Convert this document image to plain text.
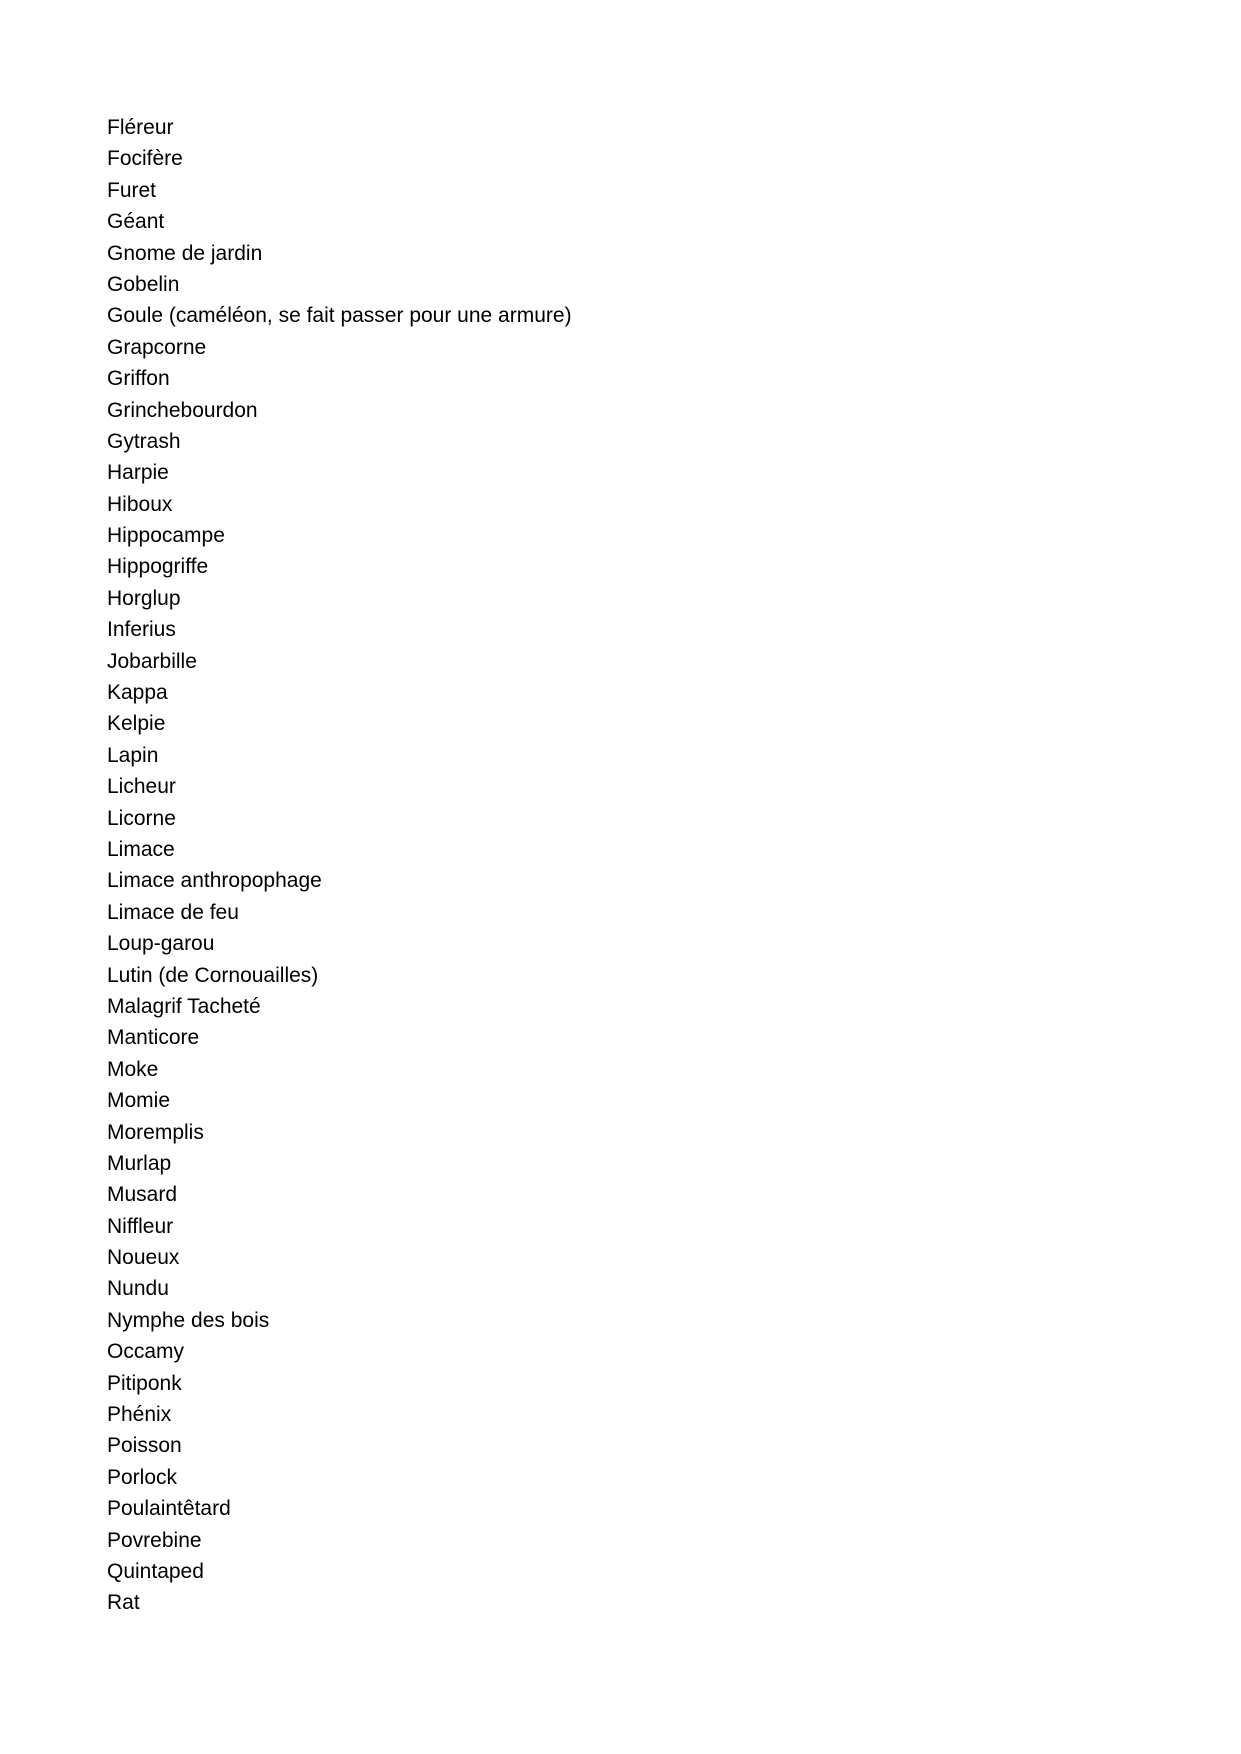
Fléreur
Focifère
Furet
Géant
Gnome de jardin
Gobelin
Goule (caméléon, se fait passer pour une armure)
Grapcorne
Griffon
Grinchebourdon
Gytrash
Harpie
Hiboux
Hippocampe
Hippogriffe
Horglup
Inferius
Jobarbille
Kappa
Kelpie
Lapin
Licheur
Licorne
Limace
Limace anthropophage
Limace de feu
Loup-garou
Lutin (de Cornouailles)
Malagrif Tacheté
Manticore
Moke
Momie
Moremplis
Murlap
Musard
Niffleur
Noueux
Nundu
Nymphe des bois
Occamy
Pitiponk
Phénix
Poisson
Porlock
Poulaintêtard
Povrebine
Quintaped
Rat
